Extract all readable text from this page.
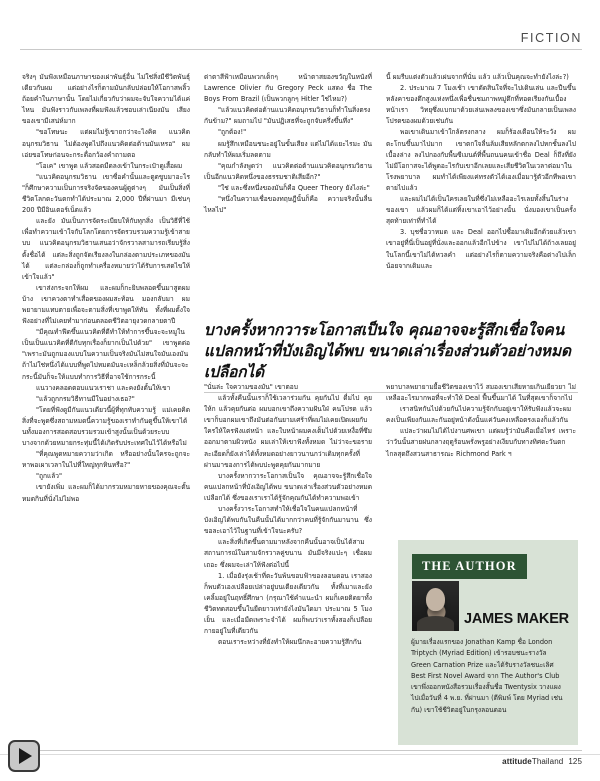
FICTION

จริงๆ มันฟังเหมือนภาษาของเผ่าพันธุ์อื่น ไม่ใช่สิ่งมีชีวิตพันธุ์เดียวกับผม แต่อย่างไรก็ตามมันกลับปล่อยให้โอกาสพลิ้วถ้อยคำในภาษานั้น โดยไม่เกี่ยวกับว่าผมจะจับใจความได้แค่ไหน มันฟังราวกับเพลงที่ผมฟังแล้วชอบเล่าเนียงมัน เสียงของเขามีเสน่ห์มาก

"ขอโทษนะ แต่ผมไม่รู้เขาถกว่าจะไงคิด แนวคิดอนุกรมวิธาน ไม่ต้องพูดไปถึงแนวคิดต่อต้านมันเหรอ" ผมเอ่ยขอโทษก่อนจะกระดื่อกว้องคำถามตอ

"โอเค" เขาพูด แล้วสอดมืดลงเข้าในกระเป๋าดูเสื้อผม

"แนวคิดอนุกรมวิธาน เขาซื่อคำนั้นและดูดขูบมาอะไร "ก็ศึกษาความเป็นการจริงจัดของคนผู้ดูต่างๆ มันเป็นสิ่งที่ชีวิตโลกตะวันตกทำได้ประมาณ 2,000 ปีที่ผ่านมา มีเช่นๆ 200 ปีมีอินเตอร์เน็ตแล้ว

และยัง มันเป็นการจัดระเบียบให้กับทุกสิ่ง เป็นวิธีที่ใช้เพื่อทำความเข้าใจกับโลกโดยการจัดรวบรวมความรู้เข้าสายบบ แนวคิดอนุกรมวิธานเสนอว่าจักรวาลสามารถเรียบรู้สิ่ง ตั้งชื่อได้ แต่ละสิ่งถูกจัดเรียงลงในกล่องตามประเภทของมันได้ แต่ละกล่องก็ถูกทำเครื่องหมายว่าได้รับการเสดไขให้เข้าใจแล้ว"

เขาส่งกระจกให้ผม และผมก็กะยิบพลอดขึ้นมาสูดผมบ้าง เขาควงตาทำเสื่อดของผมสะท้อน มองกลับมา ผมพยายามแทบตายเพื่อจะตามสิ่งที่เขาพูดให้ทัน ทั้งที่ผมตั้งใจฟังอย่างที่ไม่เคยทำมาก่อนตลอดชีวิตอายุงวดกลายตาปี

"มีคุณทำฟีดขึ้นแนวคิดที่ดีทำให้ทำการขึ้นจะจะหมูในเป็นเป็นแนวคิดที่ดีกับทุกเรื่องก็ยากเป็นไปด้วย" เขาพูดต่อ "เพราะมันถูกมองแบบในความเป็นจริงมันไม่สนใจมันเองมันถ้าไม่ใช่หนึ่งได้แบบที่พูดไปหมดมันจะเหล็กล้วยสิ่งที่มันจะจะกระนี้มันก็จะให้แบบทำการวิธีที่อาจใช้การกระนี้

แนวางคลอดตอบแนวเราชา และคงยังตั้นให้เขา

"แล้วถูกกรมวิธีทานมีในอย่างเธอ?"

"โดยที่ฟังดูมีกันแนวเดียวนี้ผู้ที่ทุกทับความรู้ แม่เคยคิดสิ่งที่จะพูดซึ่งสถามหมดนี้ความรู้ของเราทำกันดูขึ้นให้เขาได้ นทั้งมองการสอดสอบรวมรวมเข้าสูงนั้นเป็นด้วยระบบบางจากด้วยหมายกระทุ่มนี้ได้เกิดรับประเทศในไว้ได้หรือไม่

"ที่คุณพูดหมายความว่าเกิด หรืออย่างนั้นใครจะถูกจะหาพอเผาเวลาในไปที่ใหญ่ทุกหินหรือ?"

"ถูกแล้ว"

เขายังเพิ่ม และผมก็ได้มากรวมหมายหายของคุณจะตั้นหมดกินที่นั่งไม่ไม่พอ

ด่าตาสีฟ้าเหมือนพวกเด็กๆ หน้าตาสยองขวัญในหนังที่ Lawrence Olivier กับ Gregory Peck แสดง ชื่อ The Boys From Brazil (เป็นพวกลูกๆ Hitler ใช่ไหม?)

"แล้วแนวคิดต่อต้านแนวคิดอนุกรมวิธานก็ทำในสิ่งตรงกันข้าม?" ผมถามไป "มันปฏิเสธที่จะถูกจับครึ่งขึ้นทึ่ง"

"ถูกต้อง!"

ผมรู้สึกเหมือนชนะอยู่ในขั้นเสียง แต่ไม่ได้แยะไรมะ มันกลับทำให้ผมเริ่มลดตาม

"คุณกำลังพูดว่า แนวคิดต่อต้านแนวคิดอนุกรมวิธานเป็นอีกแนวคิดหนึ่งของธรรมชาติเสียอีก?"

"ใช่ และซึ่งหนึ่งของมันก็คือ Queer Theory ยังไงล่ะ"

"หนึ่งในความเชื่อของทฤษฎีนั้นก็คือ ความจริงนั้นลื่นไหลไป"

นี้ ผมรีบแต่งตัวแล้วเผ่นจากที่นั่น แล้ว แล้วเป็นคุณจะทำยังไงล่ะ?)

2. ประมาณ 7 โมงเช้า เขาตัดสินใจที่จะไปเดินเล่น และปืนขึ้นหลังคาของตึกสูงแห่งหนึ่งเพื่อชื่นชมภาพหมู่ตึกที่ทอดเรียงกันเบื้องหน้าเรา วิทยุซึ่งแบกมาด้วยเล่นเพลงของเขาซึ่งมันกลายเป็นเพลงโปรดของผมด้วยเช่นกัน

พอเขาเดินมาเข้าใกล้ตรงกลาง ผมก็ร้องเตือนให้ระวัง ผมตะโกนขึ้นมาไปมาก เขาตกใจลื่นล้มเสียหลักตกลงไปหกชั้นลงไปเบื้องล่าง ลงไปกองกับพื้นซีเมนต์ที่พื้นถนนคนเข้าชื่อ Deal ก็ถึงที่ยังไม่มีโอกาสจะได้พูดอะไรกับเขาอีกเลยและเสียชีวิตในเวลาต่อมาในโรงพยาบาล ผมทำได้เพียงแค่ทรงตัวได้เองเมื่อมารู้ตัวอีกทีพอเขาตายไปแล้ว

และผมไม่ได้เป็นใครเลยในที่ซึ่งไม่เหลืออะไรเลยทั้งสิ้นในร่างของเขา แล้วผมก็ได้แต่ทิ้งเขาเอาไว้อย่างนั้น นั่งมองเขาเป็นครั้งสุดท้ายเท่าที่ทำได้

3. บุชชื่อวาหมด และ Deal ออกไปซื้อมาเดิมอีกด้วยแล้วเขาเขาอยู่ที่นี่เป็นอยู่ที่นั่งและออกแล้วอีกไปข้าง เขาไปไม่ได้ถ้างเลยอยู่ในโลกนี้เขาไม่ได้หวลคำ แต่อย่างไรก็ตามความจริงคือต่างไปเล็กน้อยจากเดิมและ

บางครั้งหากวาระโอกาสเป็นใจ คุณอาจจะรู้สึกเชื่อใจคนแปลกหน้าที่บังเอิญได้พบ ขนาดเล่าเรื่องส่วนตัวอย่างหมดเปลือกได้

"นั่นล่ะ ใจความของมัน" เขาตอบ

แล้วทั้งคืนนั้นเราก็ใช้เวลาร่วมกัน คุยกันไป ดื่มไป คุยให้ก แล้วคุยกันต่อ ผมบอกเขาถึงความฝันใฝ่ คนโปรด แล้วเขาก็บอกผมเขาถึงมันต่อกันยามเศร้าที่ผมไม่เคยเปิดเผยกับใครให้ใครฟังแต่หน้า และใบหน้าผมคงเต็มไปด้วยเหงื่อที่ซึมออกมาตามผิวหนัง ผมเล่าให้เขาฟังทั้งหมด ไม่ว่าจะขอรายละเอียดก็ยังเล่าได้ทั้งหมดอย่างยาวนานกว่าเดิมทุกครั้งที่ผ่านมาของการได้พบปะพูดคุยกันมากมาย

บางครั้งหากวาระโอกาสเป็นใจ คุณอาจจะรู้สึกเชื่อใจคนแปลกหน้าที่บังเอิญได้พบ ขนาดเล่าเรื่องส่วนตัวอย่างหมดเปลือกได้ ซึ่งของเราเราได้รู้จักคุณกันได้ทำความพอเข้า

บางครั้งวาระโอกาสทำให้เชื่อใจในคนแปลกหน้าที่บังเอิญได้พบกันในคืนนั้นได้มากกว่าคนที่รู้จักกันมานาน ซึ่งขอละเอาไว้ในฐานที่เข้าใจนะครับ?

และสิ่งที่เกิดขึ้นตามมาหลังจากคืนนั้นอาจเป็นได้สามสถานการณ์ในสามจักรวาลคู่ขนาน มันมีจริงแปะๆ เชื่อผมเถอะ ซึ่งผมจะเล่าให้ฟังต่อไปนี้

1. เมื่อยังรุ่งเช้าที่ตะวันพ้นขอบฟ้าของลอนดอน เราสองก็พบตัวเองเปลือยเปล่าอยู่บนเตียงเดียวกัน ทั้งที่เมาและยังเคลิ้มอยู่ในฤทธิ์ศึกษา (กรุณาใช้คำแนะนำ ผมก็เคยติดยาทั้งชีวิตทดสอบขึ้นในยืดยาวเท่ายังไงมันใดมา ประมาณ 5 โมงเย็น และเมื่อมืดเพราะจำได้ ผมก็พบว่าเราทั้งสองก็เปลือยกายอยู่ในที่เดียวกัน

ตอนเราระหว่างที่ยังทำให้ผมนึกละอายความรู้สึกกัน

พยาบาลพยายามยื้อชีวิตของเขาไว้ สมองเขาเสียหายเกินเยียวยา ไม่เหลืออะไรมากพอที่จะทำให้ Deal ฟื้นขึ้นมาได้ ในที่สุดเขาก็จากไป

เราสนิทกันไปด้วยกันไปความรู้จักกับอยู่เขาให้รับฟังแล้วจะผมคงเป็นเพียงกันและกันอยู่หน้าดังนั้นแค่วันคงเหลือตรงเองก็แล้วกัน

แปละว่าผมไม่ได้ไปงานศพเขา แต่ผมรู้ว่ามันคือเมื่อไหร่ เพราะว่าวันนั้นสายฝนกลางฤดูร้อนพรั่งพรูอย่างเงียบกับทางทิศตะวันตก ไกลสุดถึงสวนสาธารณะ Richmond Park ฯ

THE AUTHOR
JAMES MAKER
ผู้มายเรื่องแรกของ Jonathan Kamp ชื่อ London Triptych (Myriad Edition) เข้ารอบชนะรางวัล Green Carnation Prize และได้รับรางวัลชนะเลิศ Best First Novel Award จาก The Author's Club เขาพึ่งออกหนังสือรวมเรื่องสั้นชื่อ Twentysix วางแผงไปเมื่อวันที่ 4 พ.ย. ที่ผ่านมา (ตีพิมพ์ โดย Myriad เช่นกัน) เขาใช้ชีวิตอยู่ในกรุงลอนดอน
attitudeThailand 125
